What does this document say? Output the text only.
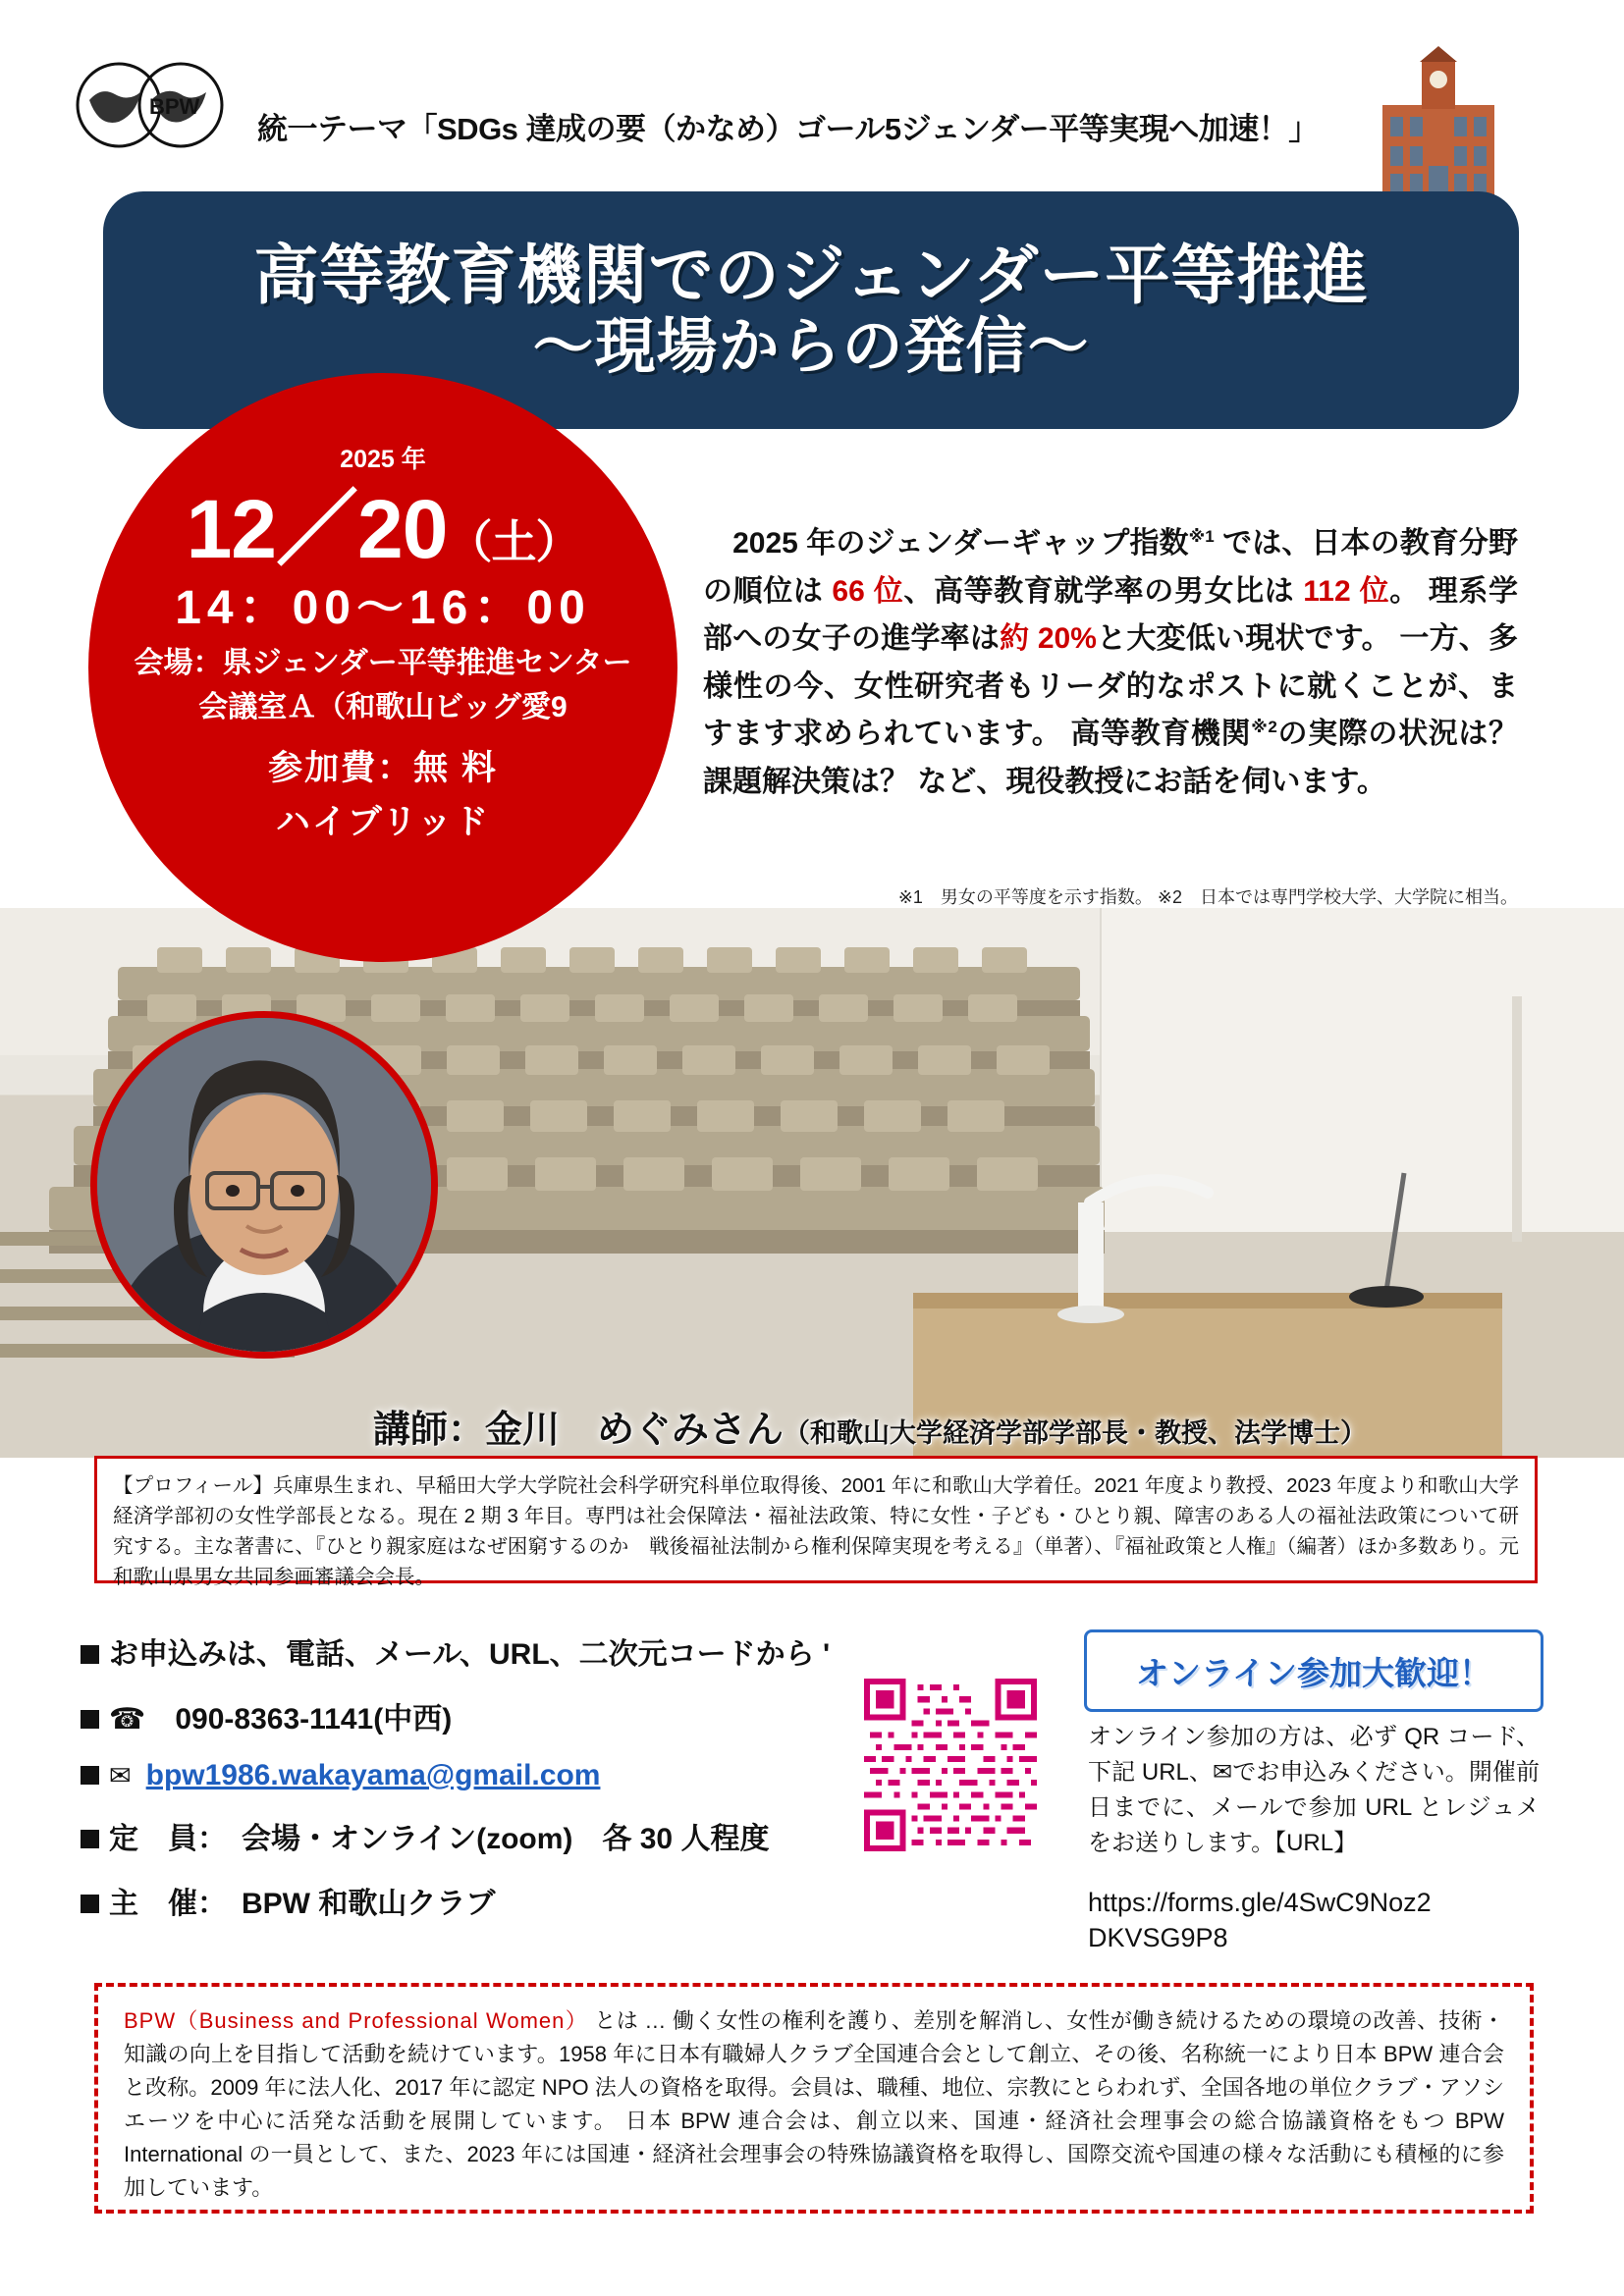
BPW
統一テーマ「SDGs 達成の要（かなめ）ゴール5ジェンダー平等実現へ加速！」
高等教育機関でのジェンダー平等推進
～現場からの発信～
2025 年
12／20（土）
14：00～16：00
会場：県ジェンダー平等推進センター
会議室Ａ（和歌山ビッグ愛9
参加費：無 料
ハイブリッド
　2025 年のジェンダーギャップ指数$^{※1}$ では、日本の教育分野の順位は 66 位、高等教育就学率の男女比は 112 位。 理系学部への女子の進学率は約 20%と大変低い現状です。 一方、多様性の今、女性研究者もリーダ的なポストに就くことが、ますます求められています。 高等教育機関$^{※2}$の実際の状況は？ 課題解決策は？ など、現役教授にお話を伺います。
※1　男女の平等度を示す指数。 ※2　日本では専門学校大学、大学院に相当。
講師：金川　めぐみさん（和歌山大学経済学部学部長・教授、法学博士）
【プロフィール】兵庫県生まれ、早稲田大学大学院社会科学研究科単位取得後、2001 年に和歌山大学着任。2021 年度より教授、2023 年度より和歌山大学経済学部初の女性学部長となる。現在 2 期 3 年目。専門は社会保障法・福祉法政策、特に女性・子ども・ひとり親、障害のある人の福祉法政策について研究する。主な著書に、『ひとり親家庭はなぜ困窮するのか　戦後福祉法制から権利保障実現を考える』（単著）、『福祉政策と人権』（編著）ほか多数あり。元和歌山県男女共同参画審議会会長。
お申込みは、電話、メール、URL、二次元コードから '
☎　090-8363-1141(中西)
✉  bpw1986.wakayama@gmail.com
定　員：　会場・オンライン(zoom)　各 30 人程度
主　催：　BPW 和歌山クラブ
オンライン参加大歓迎！
オンライン参加の方は、必ず QR コード、下記 URL、✉でお申込みください。開催前日までに、メールで参加 URL とレジュメをお送りします。【URL】
https://forms.gle/4SwC9Noz2
DKVSG9P8

BPW（Business and Professional Women） とは … 働く女性の権利を護り、差別を解消し、女性が働き続けるための環境の改善、技術・知識の向上を目指して活動を続けています。1958 年に日本有職婦人クラブ全国連合会として創立、その後、名称統一により日本 BPW 連合会と改称。2009 年に法人化、2017 年に認定 NPO 法人の資格を取得。会員は、職種、地位、宗教にとらわれず、全国各地の単位クラブ・アソシエーツを中心に活発な活動を展開しています。 日本 BPW 連合会は、創立以来、国連・経済社会理事会の総合協議資格をもつ BPW International の一員として、また、2023 年には国連・経済社会理事会の特殊協議資格を取得し、国際交流や国連の様々な活動にも積極的に参加しています。
